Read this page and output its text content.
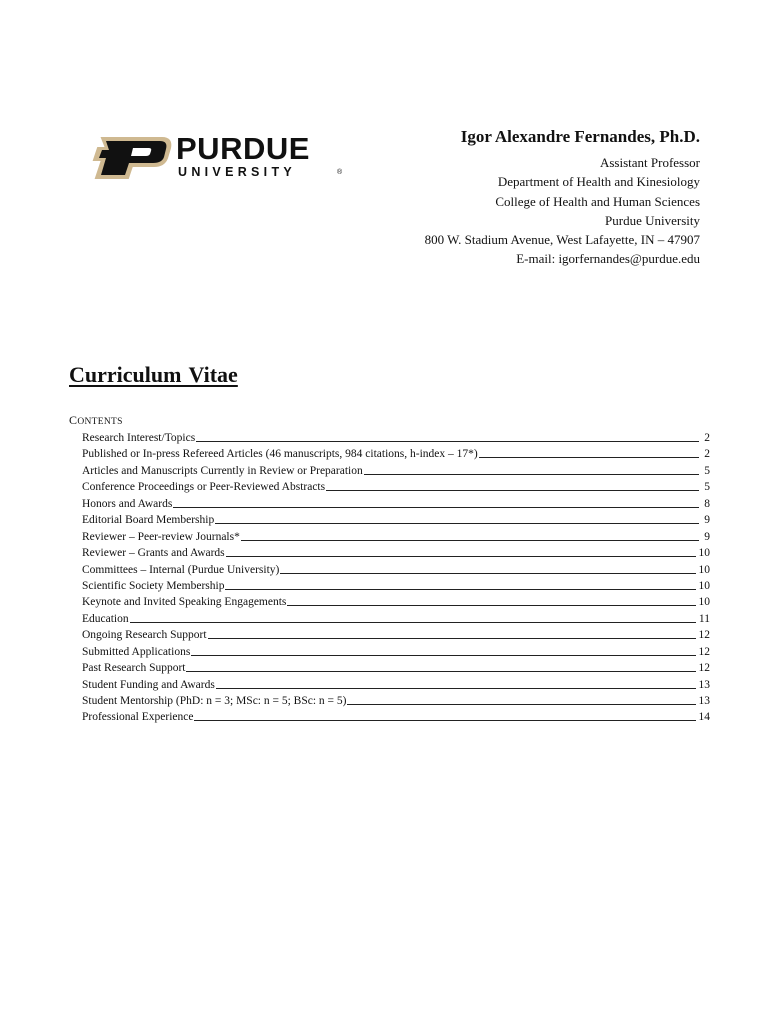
PURDUE
UNIVERSITY	®
Igor Alexandre Fernandes, Ph.D.
Assistant Professor
Department of Health and Kinesiology
College of Health and Human Sciences
Purdue University
800 W. Stadium Avenue, West Lafayette, IN – 47907
E-mail: igorfernandes@purdue.edu
Curriculum Vitae
CONTENTS
Research Interest/Topics	2
Published or In-press Refereed Articles (46 manuscripts, 984 citations, h-index – 17*)	2
Articles and Manuscripts Currently in Review or Preparation	5
Conference Proceedings or Peer-Reviewed Abstracts	5
Honors and Awards	8
Editorial Board Membership	9
Reviewer – Peer-review Journals*	9
Reviewer – Grants and Awards	10
Committees – Internal (Purdue University)	10
Scientific Society Membership	10
Keynote and Invited Speaking Engagements	10
Education	11
Ongoing Research Support	12
Submitted Applications	12
Past Research Support	12
Student Funding and Awards	13
Student Mentorship (PhD: n = 3; MSc: n = 5; BSc: n = 5)	13
Professional Experience	14
